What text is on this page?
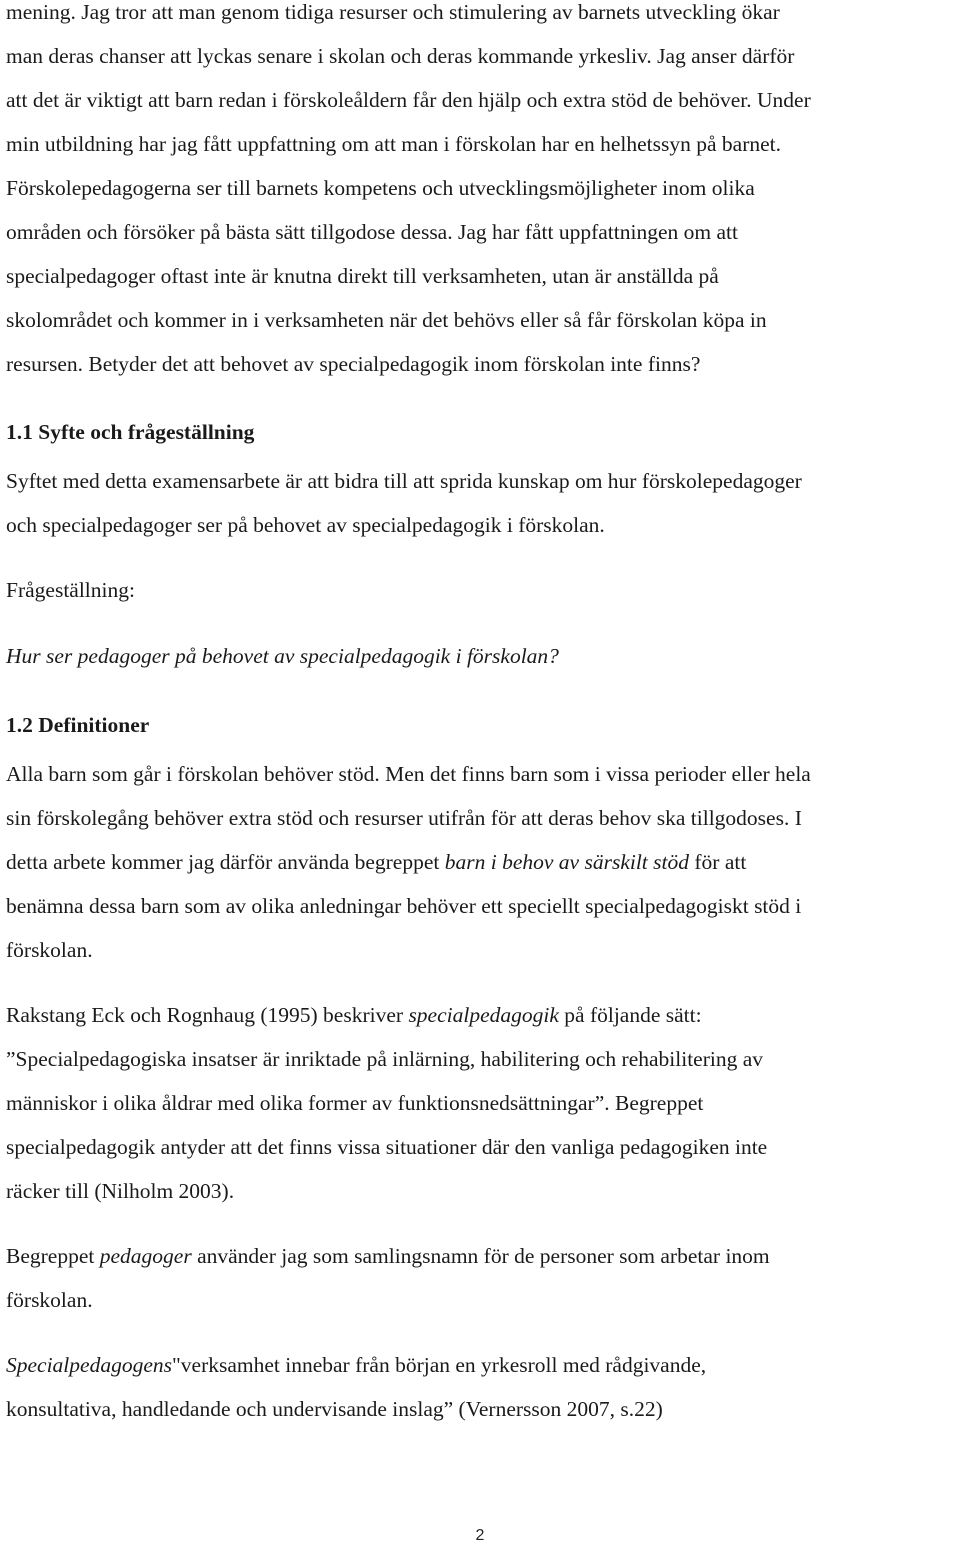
mening. Jag tror att man genom tidiga resurser och stimulering av barnets utveckling ökar
man deras chanser att lyckas senare i skolan och deras kommande yrkesliv. Jag anser därför
att det är viktigt att barn redan i förskoleåldern får den hjälp och extra stöd de behöver. Under
min utbildning har jag fått uppfattning om att man i förskolan har en helhetssyn på barnet.
Förskolepedagogerna ser till barnets kompetens och utvecklingsmöjligheter inom olika
områden och försöker på bästa sätt tillgodose dessa. Jag har fått uppfattningen om att
specialpedagoger oftast inte är knutna direkt till verksamheten, utan är anställda på
skolområdet och kommer in i verksamheten när det behövs eller så får förskolan köpa in
resursen. Betyder det att behovet av specialpedagogik inom förskolan inte finns?
1.1 Syfte och frågeställning
Syftet med detta examensarbete är att bidra till att sprida kunskap om hur förskolepedagoger
och specialpedagoger ser på behovet av specialpedagogik i förskolan.
Frågeställning:
Hur ser pedagoger på behovet av specialpedagogik i förskolan?
1.2 Definitioner
Alla barn som går i förskolan behöver stöd. Men det finns barn som i vissa perioder eller hela
sin förskolegång behöver extra stöd och resurser utifrån för att deras behov ska tillgodoses. I
detta arbete kommer jag därför använda begreppet barn i behov av särskilt stöd för att
benämna dessa barn som av olika anledningar behöver ett speciellt specialpedagogiskt stöd i
förskolan.
Rakstang Eck och Rognhaug (1995) beskriver specialpedagogik på följande sätt:
”Specialpedagogiska insatser är inriktade på inlärning, habilitering och rehabilitering av
människor i olika åldrar med olika former av funktionsnedsättningar”. Begreppet
specialpedagogik antyder att det finns vissa situationer där den vanliga pedagogiken inte
räcker till (Nilholm 2003).
Begreppet pedagoger använder jag som samlingsnamn för de personer som arbetar inom
förskolan.
Specialpedagogens"verksamhet innebar från början en yrkesroll med rådgivande,
konsultativa, handledande och undervisande inslag” (Vernersson 2007, s.22)
2
